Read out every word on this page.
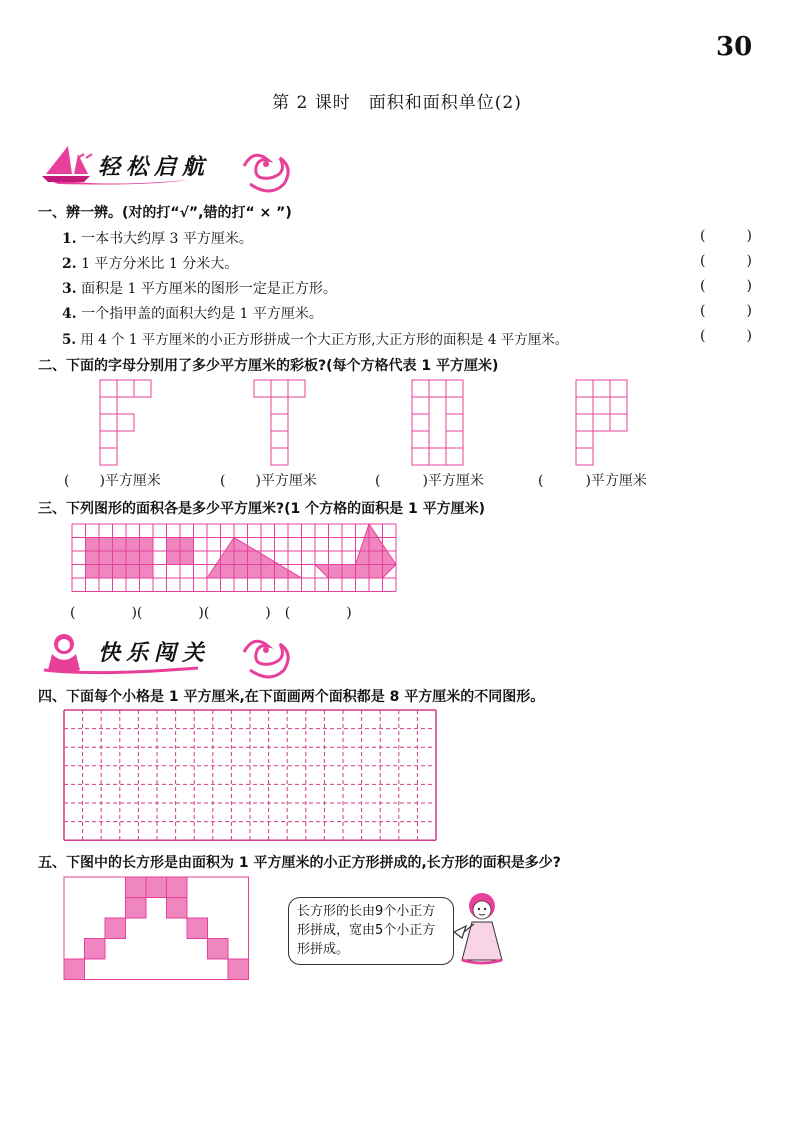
30
第 2 课时　面积和面积单位(2)
轻松启航
一、辨一辨。(对的打“√”,错的打“ × ”)
1. 一本书大约厚 3 平方厘米。	(	)
2. 1 平方分米比 1 分米大。	(	)
3. 面积是 1 平方厘米的图形一定是正方形。	(	)
4. 一个指甲盖的面积大约是 1 平方厘米。	(	)
5. 用 4 个 1 平方厘米的小正方形拼成一个大正方形,大正方形的面积是 4 平方厘米。	(	)
二、下面的字母分别用了多少平方厘米的彩板?(每个方格代表 1 平方厘米)
( )平方厘米	( )平方厘米	(	)平方厘米	(	)平方厘米
三、下列图形的面积各是多少平方厘米?(1 个方格的面积是 1 平方厘米)
(　　　　)(　　　　)(　　　　)　(　　　　)
快乐闯关
四、下面每个小格是 1 平方厘米,在下面画两个面积都是 8 平方厘米的不同图形。
五、下图中的长方形是由面积为 1 平方厘米的小正方形拼成的,长方形的面积是多少?
长方形的长由9个小正方形拼成，宽由5个小正方形拼成。
